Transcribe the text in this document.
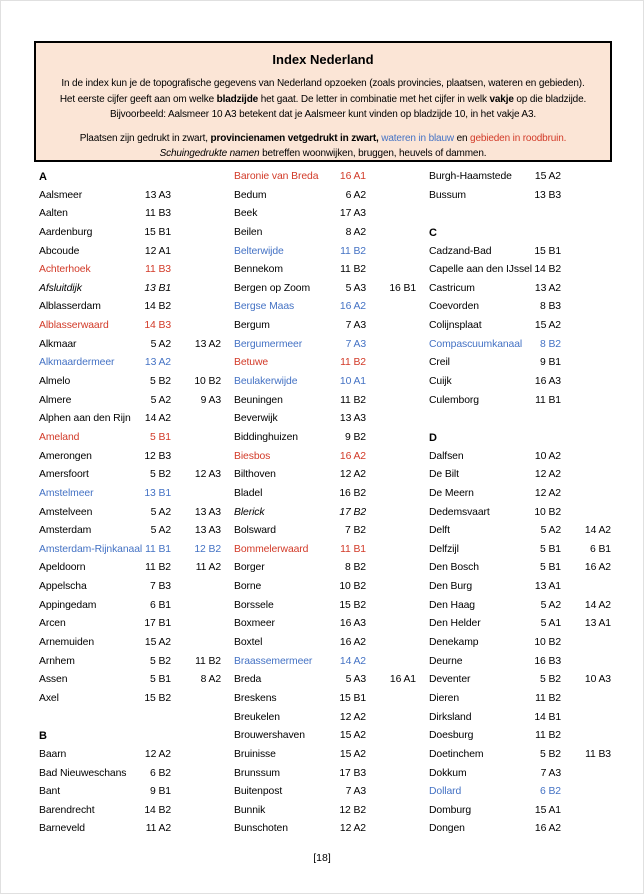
Index Nederland
In de index kun je de topografische gegevens van Nederland opzoeken (zoals provincies, plaatsen, wateren en gebieden).
Het eerste cijfer geeft aan om welke bladzijde het gaat. De letter in combinatie met het cijfer in welk vakje op die bladzijde.
Bijvoorbeeld: Aalsmeer 10 A3 betekent dat je Aalsmeer kunt vinden op bladzijde 10, in het vakje A3.
Plaatsen zijn gedrukt in zwart, provincienamen vetgedrukt in zwart, wateren in blauw en gebieden in roodbruin.
Schuingedrukte namen betreffen woonwijken, bruggen, heuvels of dammen.
A
Aalsmeer	13 A3
Aalten	11 B3
Aardenburg	15 B1
Abcoude	12 A1
Achterhoek	11 B3
Afsluitdijk	13 B1
Alblasserdam	14 B2
Alblasserwaard	14 B3
Alkmaar	5 A2	13 A2
Alkmaardermeer	13 A2
Almelo	5 B2	10 B2
Almere	5 A2	9 A3
Alphen aan den Rijn	14 A2
Ameland	5 B1
Amerongen	12 B3
Amersfoort	5 B2	12 A3
Amstelmeer	13 B1
Amstelveen	5 A2	13 A3
Amsterdam	5 A2	13 A3
Amsterdam-Rijnkanaal 11 B1	12 B2
Apeldoorn	11 B2	11 A2
Appelscha	7 B3
Appingedam	6 B1
Arcen	17 B1
Arnemuiden	15 A2
Arnhem	5 B2	11 B2
Assen	5 B1	8 A2
Axel	15 B2
B
Baarn	12 A2
Bad Nieuweschans	6 B2
Bant	9 B1
Barendrecht	14 B2
Barneveld	11 A2
Baronie van Breda	16 A1
Bedum	6 A2
Beek	17 A3
Beilen	8 A2
Belterwijde	11 B2
Bennekom	11 B2
Bergen op Zoom	5 A3	16 B1
Bergse Maas	16 A2
Bergum	7 A3
Bergumermeer	7 A3
Betuwe	11 B2
Beulakerwijde	10 A1
Beuningen	11 B2
Beverwijk	13 A3
Biddinghuizen	9 B2
Biesbos	16 A2
Bilthoven	12 A2
Bladel	16 B2
Blerick	17 B2
Bolsward	7 B2
Bommelerwaard	11 B1
Borger	8 B2
Borne	10 B2
Borssele	15 B2
Boxmeer	16 A3
Boxtel	16 A2
Braassemermeer	14 A2
Breda	5 A3	16 A1
Breskens	15 B1
Breukelen	12 A2
Brouwershaven	15 A2
Bruinisse	15 A2
Brunssum	17 B3
Buitenpost	7 A3
Bunnik	12 B2
Bunschoten	12 A2
Burgh-Haamstede	15 A2
Bussum	13 B3
C
Cadzand-Bad	15 B1
Capelle aan den IJssel 14 B2
Castricum	13 A2
Coevorden	8 B3
Colijnsplaat	15 A2
Compascuumkanaal	8 B2
Creil	9 B1
Cuijk	16 A3
Culemborg	11 B1
D
Dalfsen	10 A2
De Bilt	12 A2
De Meern	12 A2
Dedemsvaart	10 B2
Delft	5 A2	14 A2
Delfzijl	5 B1	6 B1
Den Bosch	5 B1	16 A2
Den Burg	13 A1
Den Haag	5 A2	14 A2
Den Helder	5 A1	13 A1
Denekamp	10 B2
Deurne	16 B3
Deventer	5 B2	10 A3
Dieren	11 B2
Dirksland	14 B1
Doesburg	11 B2
Doetinchem	5 B2	11 B3
Dokkum	7 A3
Dollard	6 B2
Domburg	15 A1
Dongen	16 A2
[18]
